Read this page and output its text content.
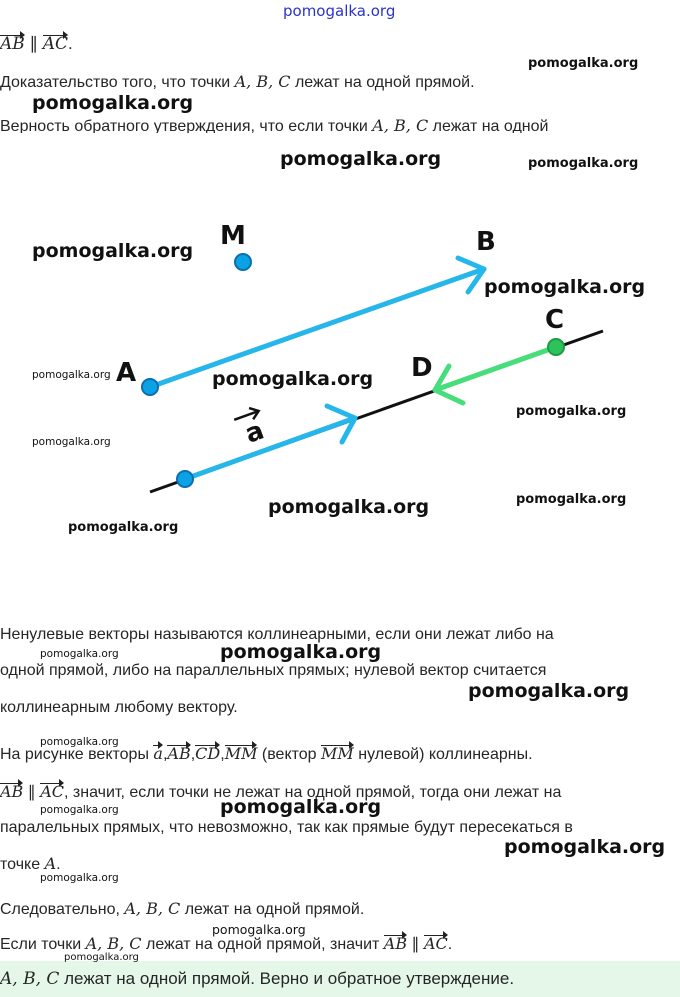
pomogalka.org
AB ∥ AC.
pomogalka.org
Доказательство того, что точки A, B, C лежат на одной прямой.
pomogalka.org
Верность обратного утверждения, что если точки A, B, C лежат на одной
pomogalka.org	pomogalka.org
M	B
C
A	D
a
pomogalka.org
pomogalka.org
pomogalka.org	pomogalka.org
pomogalka.org
pomogalka.org
pomogalka.org
pomogalka.org
pomogalka.org
Ненулевые векторы называются коллинеарными, если они лежат либо на
pomogalka.org
одной прямой, либо на параллельных прямых; нулевой вектор считается
pomogalka.org
pomogalka.org
коллинеарным любому вектору.
pomogalka.org
На рисунке векторы a,AB,CD,MM (вектор MM нулевой) коллинеарны.
AB ∥ AC, значит, если точки не лежат на одной прямой, тогда они лежат на
pomogalka.org
pomogalka.org
паралельных прямых, что невозможно, так как прямые будут пересекаться в
pomogalka.org
точке A.
pomogalka.org
Следовательно, A, B, C лежат на одной прямой.
pomogalka.org
Если точки A, B, C лежат на одной прямой, значит AB ∥ AC.
pomogalka.org
A, B, C лежат на одной прямой. Верно и обратное утверждение.
